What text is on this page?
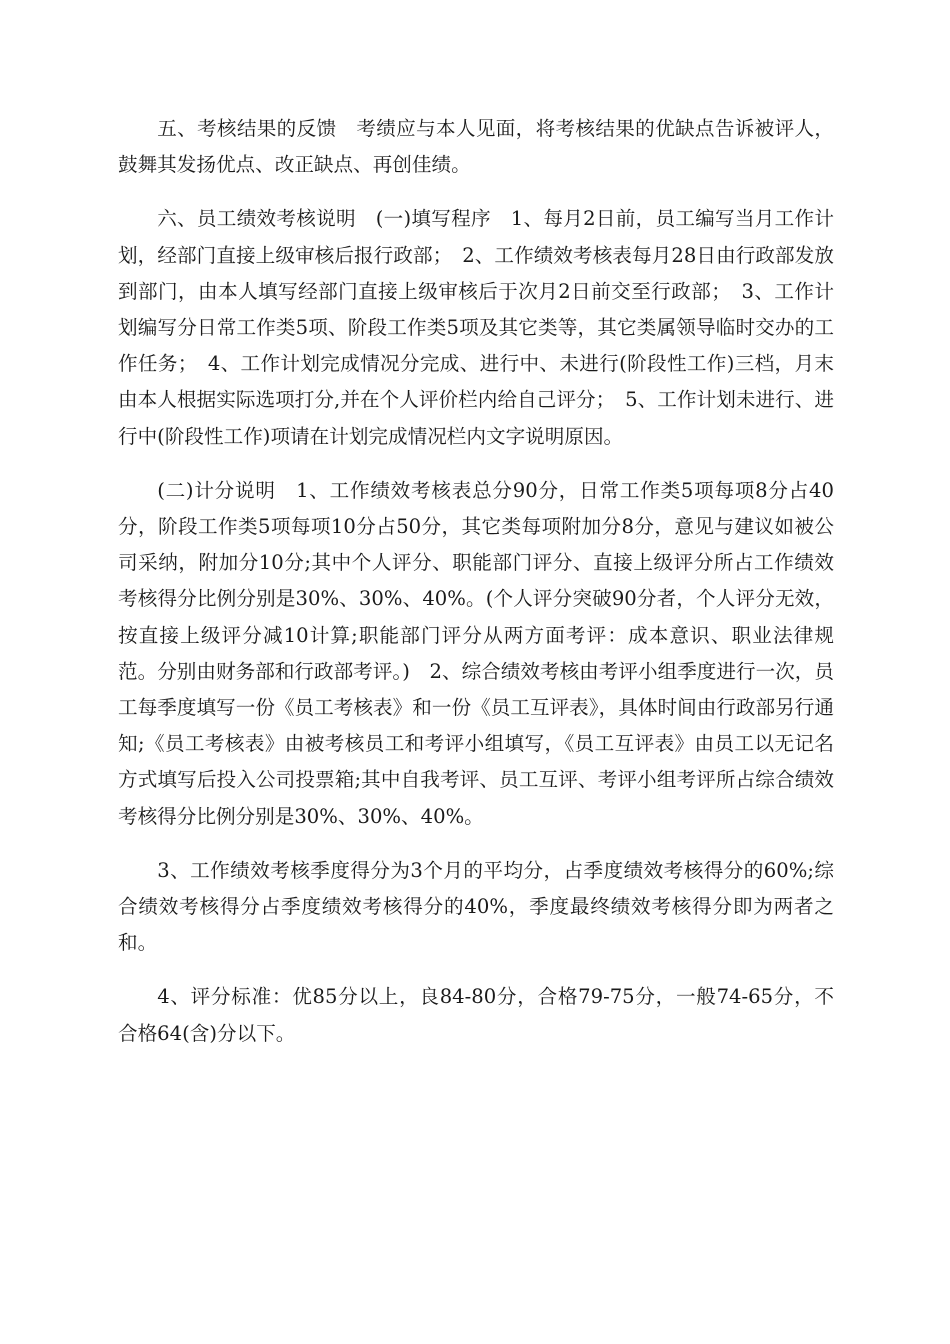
五、考核结果的反馈　考绩应与本人见面，将考核结果的优缺点告诉被评人，鼓舞其发扬优点、改正缺点、再创佳绩。

六、员工绩效考核说明　(一)填写程序　1、每月2日前，员工编写当月工作计划，经部门直接上级审核后报行政部；　2、工作绩效考核表每月28日由行政部发放到部门，由本人填写经部门直接上级审核后于次月2日前交至行政部；　3、工作计划编写分日常工作类5项、阶段工作类5项及其它类等，其它类属领导临时交办的工作任务；　4、工作计划完成情况分完成、进行中、未进行(阶段性工作)三档，月末由本人根据实际选项打分,并在个人评价栏内给自己评分；　5、工作计划未进行、进行中(阶段性工作)项请在计划完成情况栏内文字说明原因。

(二)计分说明　1、工作绩效考核表总分90分，日常工作类5项每项8分占40分，阶段工作类5项每项10分占50分，其它类每项附加分8分，意见与建议如被公司采纳，附加分10分;其中个人评分、职能部门评分、直接上级评分所占工作绩效考核得分比例分别是30%、30%、40%。(个人评分突破90分者，个人评分无效，按直接上级评分减10计算;职能部门评分从两方面考评：成本意识、职业法律规范。分别由财务部和行政部考评。)　2、综合绩效考核由考评小组季度进行一次，员工每季度填写一份《员工考核表》和一份《员工互评表》，具体时间由行政部另行通知;《员工考核表》由被考核员工和考评小组填写，《员工互评表》由员工以无记名方式填写后投入公司投票箱;其中自我考评、员工互评、考评小组考评所占综合绩效考核得分比例分别是30%、30%、40%。

3、工作绩效考核季度得分为3个月的平均分，占季度绩效考核得分的60%;综合绩效考核得分占季度绩效考核得分的40%，季度最终绩效考核得分即为两者之和。

4、评分标准：优85分以上，良84-80分，合格79-75分，一般74-65分，不合格64(含)分以下。
